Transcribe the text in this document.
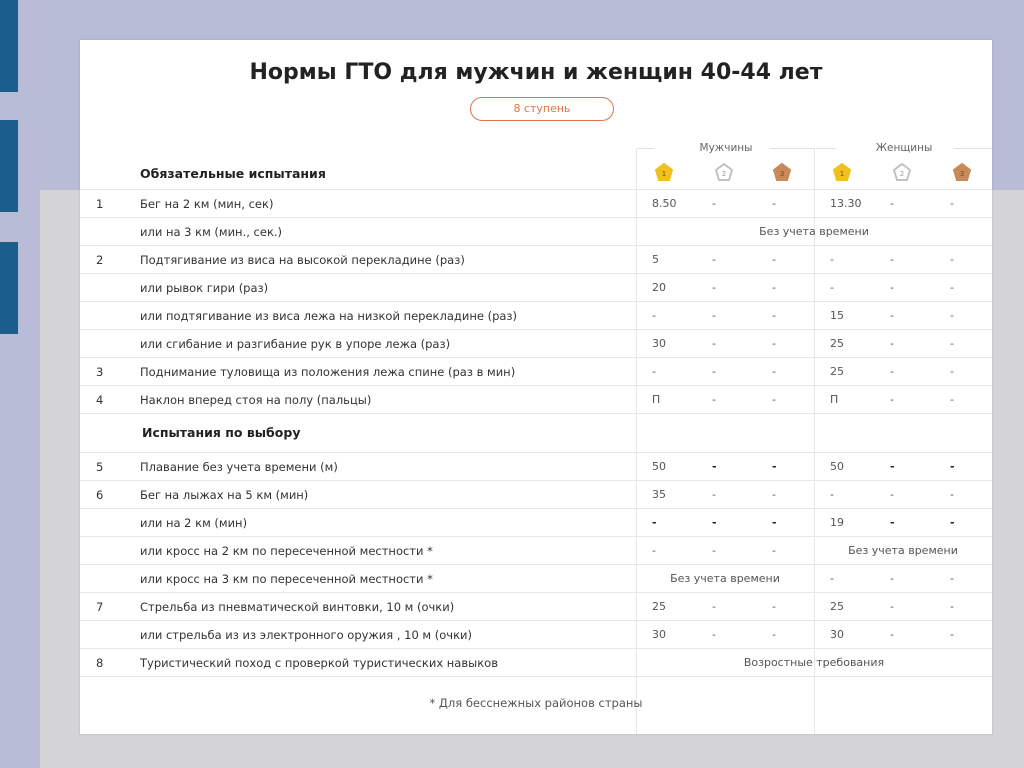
Нормы ГТО для мужчин и женщин 40-44 лет
8 ступень
Мужчины	Женщины
1	2	3	1	2	3
Обязательные испытания
Испытания по выбору
1	Бег на 2 км (мин, сек)	8.50	-	-	13.30	-	-
или на 3 км (мин., сек.)	Без учета времени
2	Подтягивание из виса на высокой перекладине (раз)	5	-	-	-	-	-
или рывок гири (раз)	20	-	-	-	-	-
или подтягивание из виса лежа на низкой перекладине (раз)	-	-	-	15	-	-
или сгибание и разгибание рук в упоре лежа (раз)	30	-	-	25	-	-
3	Поднимание туловища из положения лежа спине (раз в мин)	-	-	-	25	-	-
4	Наклон вперед стоя на полу (пальцы)	П	-	-	П	-	-
5	Плавание без учета времени (м)	50	-	-	50	-	-
6	Бег на лыжах на 5 км (мин)	35	-	-	-	-	-
или на 2 км (мин)	-	-	-	19	-	-
или кросс на 2 км по пересеченной местности *	-	-	-	Без учета времени
или кросс на 3 км по пересеченной местности *	Без учета времени	-	-	-
7	Стрельба из пневматической винтовки, 10 м (очки)	25	-	-	25	-	-
или стрельба из из электронного оружия , 10 м (очки)	30	-	-	30	-	-
8	Туристический поход с проверкой туристических навыков	Возростные требования
* Для бесснежных районов страны
